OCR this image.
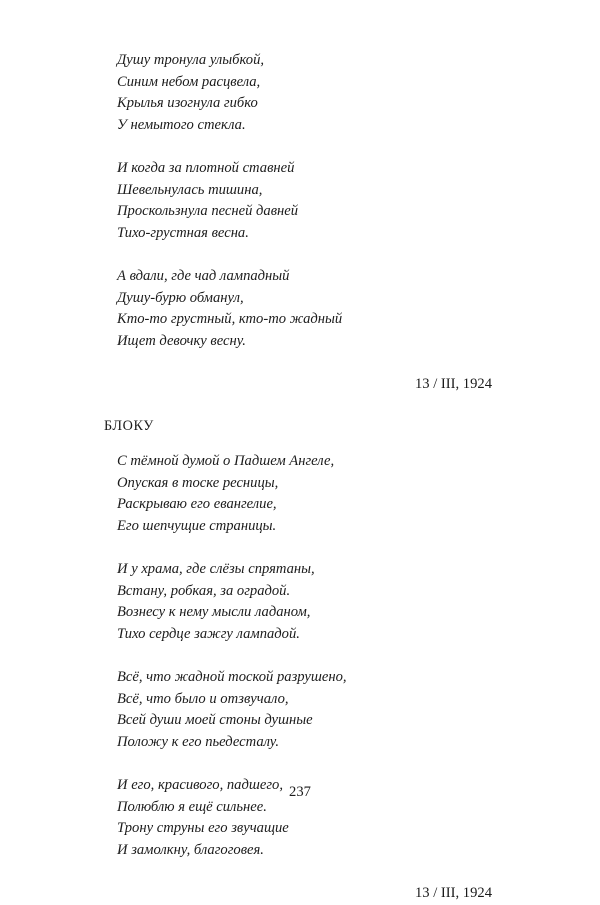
Душу тронула улыбкой,
Синим небом расцвела,
Крылья изогнула гибко
У немытого стекла.
И когда за плотной ставней
Шевельнулась тишина,
Проскользнула песней давней
Тихо-грустная весна.
А вдали, где чад лампадный
Душу-бурю обманул,
Кто-то грустный, кто-то жадный
Ищет девочку весну.
13 / III, 1924
БЛОКУ
С тёмной думой о Падшем Ангеле,
Опуская в тоске ресницы,
Раскрываю его евангелие,
Его шепчущие страницы.
И у храма, где слёзы спрятаны,
Встану, робкая, за оградой.
Вознесу к нему мысли ладаном,
Тихо сердце зажгу лампадой.
Всё, что жадной тоской разрушено,
Всё, что было и отзвучало,
Всей души моей стоны душные
Положу к его пьедесталу.
И его, красивого, падшего,
Полюблю я ещё сильнее.
Трону струны его звучащие
И замолкну, благоговея.
13 / III, 1924
237
